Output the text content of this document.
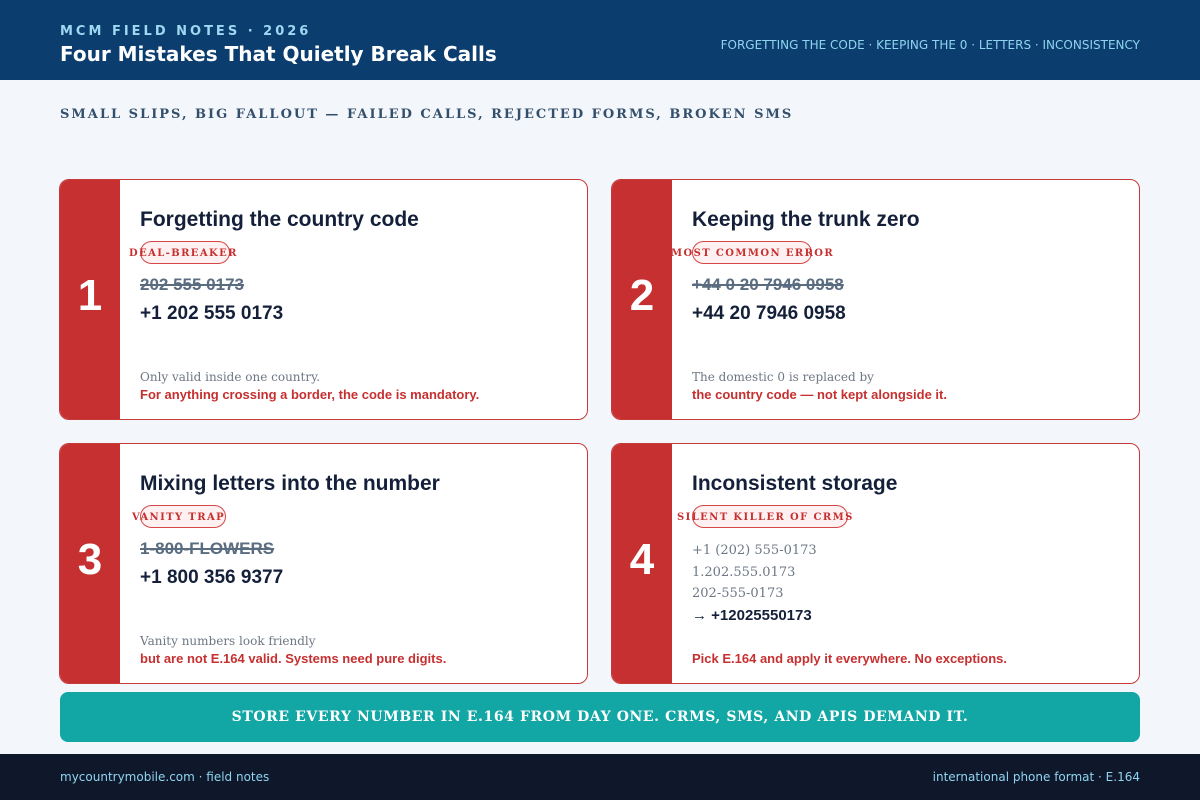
MCM FIELD NOTES · 2026
Four Mistakes That Quietly Break Calls	FORGETTING THE CODE · KEEPING THE 0 · LETTERS · INCONSISTENCY
SMALL SLIPS, BIG FALLOUT — FAILED CALLS, REJECTED FORMS, BROKEN SMS
1
Forgetting the country code
DEAL-BREAKER
202 555 0173
+1 202 555 0173
Only valid inside one country.
For anything crossing a border, the code is mandatory.
2
Keeping the trunk zero
MOST COMMON ERROR
+44 0 20 7946 0958
+44 20 7946 0958
The domestic 0 is replaced by
the country code — not kept alongside it.
3
Mixing letters into the number
VANITY TRAP
1-800-FLOWERS
+1 800 356 9377
Vanity numbers look friendly
but are not E.164 valid. Systems need pure digits.
4
Inconsistent storage
SILENT KILLER OF CRMS
+1 (202) 555-0173
1.202.555.0173
202-555-0173
→ +12025550173
Pick E.164 and apply it everywhere. No exceptions.
STORE EVERY NUMBER IN E.164 FROM DAY ONE. CRMS, SMS, AND APIS DEMAND IT.
mycountrymobile.com · field notes	international phone format · E.164
